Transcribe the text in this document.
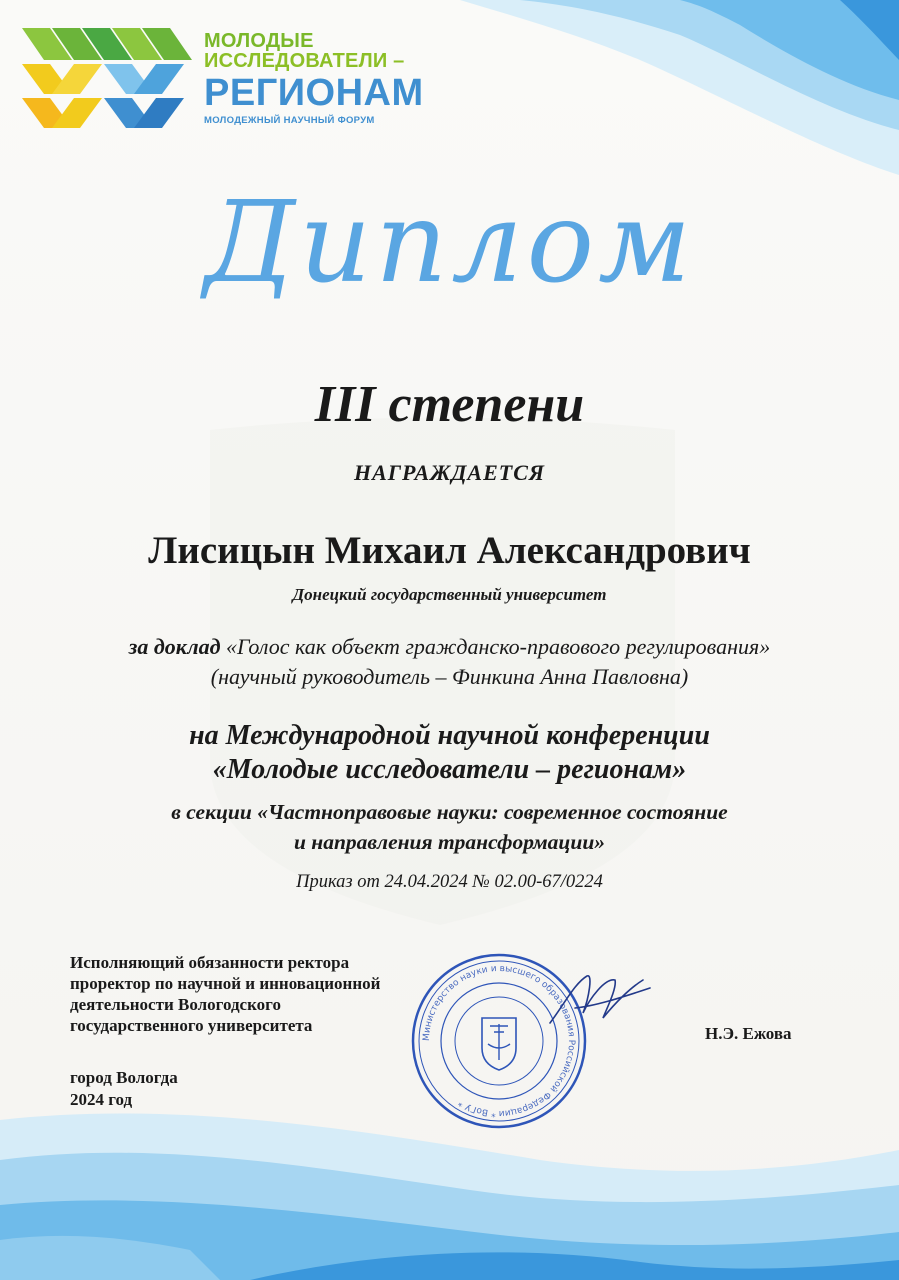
МОЛОДЫЕ
ИССЛЕДОВАТЕЛИ –
РЕГИОНАМ
МОЛОДЕЖНЫЙ НАУЧНЫЙ ФОРУМ
Диплом
III степени
НАГРАЖДАЕТСЯ
Лисицын Михаил Александрович
Донецкий государственный университет
за доклад «Голос как объект гражданско-правового регулирования»
(научный руководитель – Финкина Анна Павловна)
на Международной научной конференции
«Молодые исследователи – регионам»
в секции «Частноправовые науки: современное состояние
и направления трансформации»
Приказ от 24.04.2024 № 02.00-67/0224
Исполняющий обязанности ректора
проректор по научной и инновационной
деятельности Вологодского
государственного университета	Н.Э. Ежова
город Вологда
2024 год
Министерство науки и высшего образования Российской Федерации * ВоГУ *
